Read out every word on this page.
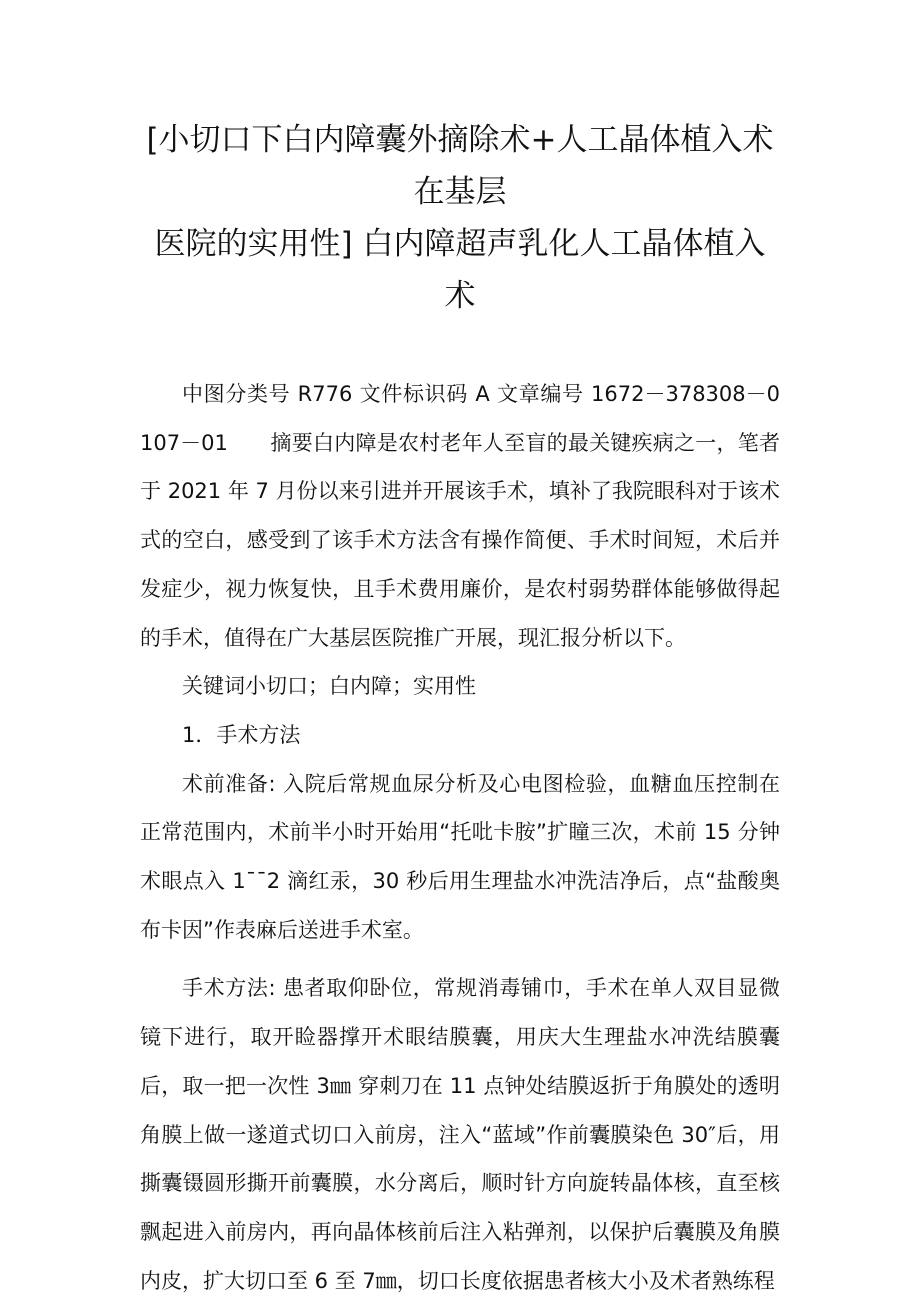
[小切口下白内障囊外摘除术+人工晶体植入术在基层
医院的实用性] 白内障超声乳化人工晶体植入术

中图分类号 R776 文件标识码 A 文章编号 1672－378308－0107－01　　摘要白内障是农村老年人至盲的最关键疾病之一，笔者于 2021 年 7 月份以来引进并开展该手术，填补了我院眼科对于该术式的空白，感受到了该手术方法含有操作简便、手术时间短，术后并发症少，视力恢复快，且手术费用廉价，是农村弱势群体能够做得起的手术，值得在广大基层医院推广开展，现汇报分析以下。

关键词小切口；白内障；实用性

1．手术方法

术前准备: 入院后常规血尿分析及心电图检验，血糖血压控制在正常范围内，术前半小时开始用“托吡卡胺”扩瞳三次，术前 15 分钟术眼点入 1¯¯2 滴红汞，30 秒后用生理盐水冲洗洁净后，点“盐酸奥布卡因”作表麻后送进手术室。

手术方法: 患者取仰卧位，常规消毒铺巾，手术在单人双目显微镜下进行，取开睑器撑开术眼结膜囊，用庆大生理盐水冲洗结膜囊后，取一把一次性 3㎜ 穿刺刀在 11 点钟处结膜返折于角膜处的透明角膜上做一遂道式切口入前房，注入“蓝域”作前囊膜染色 30″后，用撕囊镊圆形撕开前囊膜，水分离后，顺时针方向旋转晶体核，直至核飘起进入前房内，再向晶体核前后注入粘弹剂，以保护后囊膜及角膜内皮，扩大切口至 6 至 7㎜，切口长度依据患者核大小及术者熟练程
